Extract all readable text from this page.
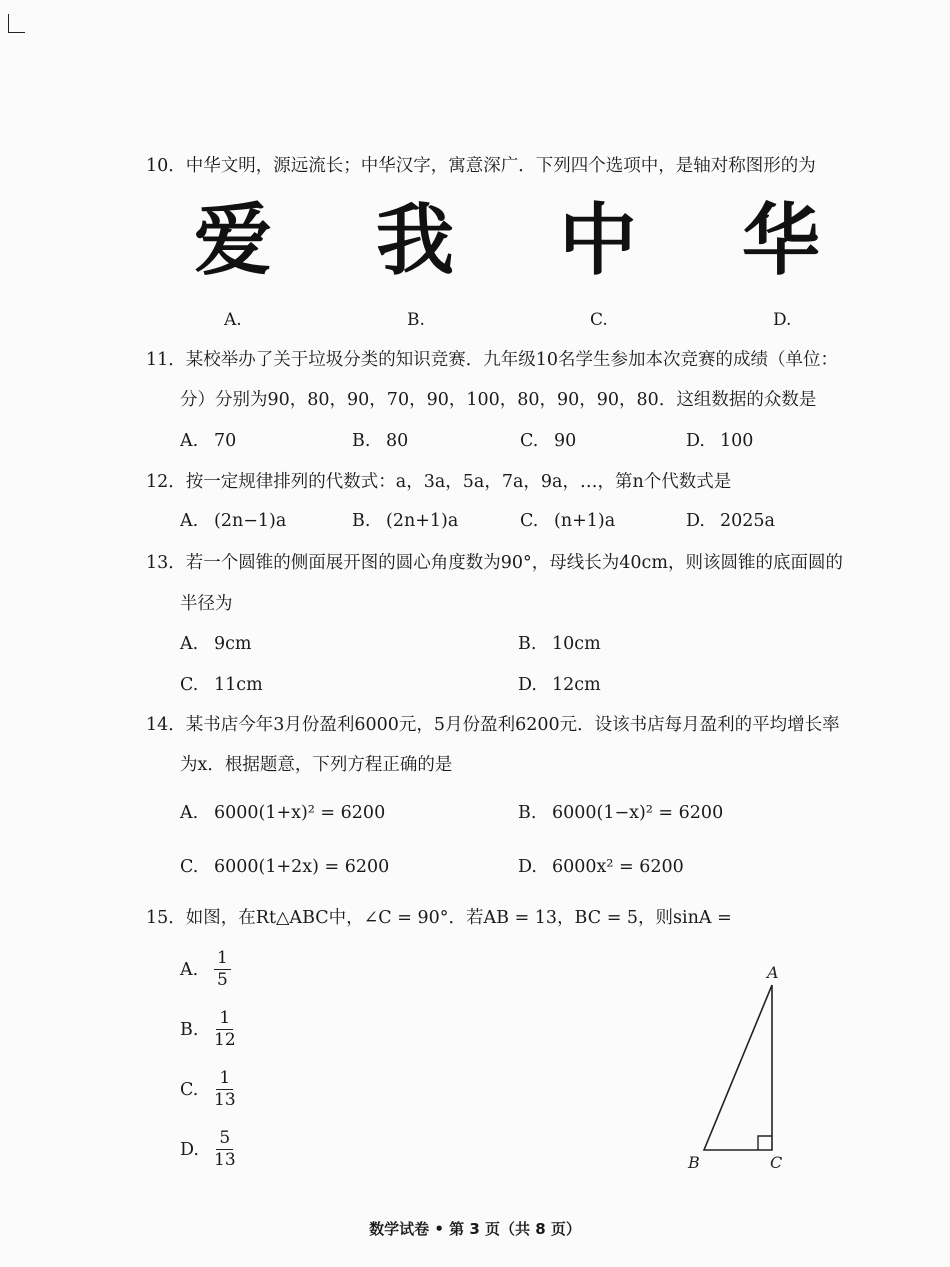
10．中华文明，源远流长；中华汉字，寓意深广．下列四个选项中，是轴对称图形的为
爱 我 中 华
A.	B.	C.	D.
11．某校举办了关于垃圾分类的知识竞赛．九年级10名学生参加本次竞赛的成绩（单位：
分）分别为90，80，90，70，90，100，80，90，90，80．这组数据的众数是
A. 70	B. 80	C. 90	D. 100
12．按一定规律排列的代数式：a，3a，5a，7a，9a，…，第n个代数式是
A. (2n−1)a	B. (2n+1)a	C. (n+1)a	D. 2025a
13．若一个圆锥的侧面展开图的圆心角度数为90°，母线长为40cm，则该圆锥的底面圆的
半径为
A. 9cm	B. 10cm
C. 11cm	D. 12cm
14．某书店今年3月份盈利6000元，5月份盈利6200元．设该书店每月盈利的平均增长率
为x．根据题意，下列方程正确的是
A. 6000(1+x)² = 6200	B. 6000(1−x)² = 6200
C. 6000(1+2x) = 6200	D. 6000x² = 6200
15．如图，在Rt△ABC中，∠C = 90°．若AB = 13，BC = 5，则sinA =
A. $\frac{1}{5}$
B. $\frac{1}{12}$
C. $\frac{1}{13}$
D. $\frac{5}{13}$
A
B	C
数学试卷 • 第 3 页（共 8 页）
